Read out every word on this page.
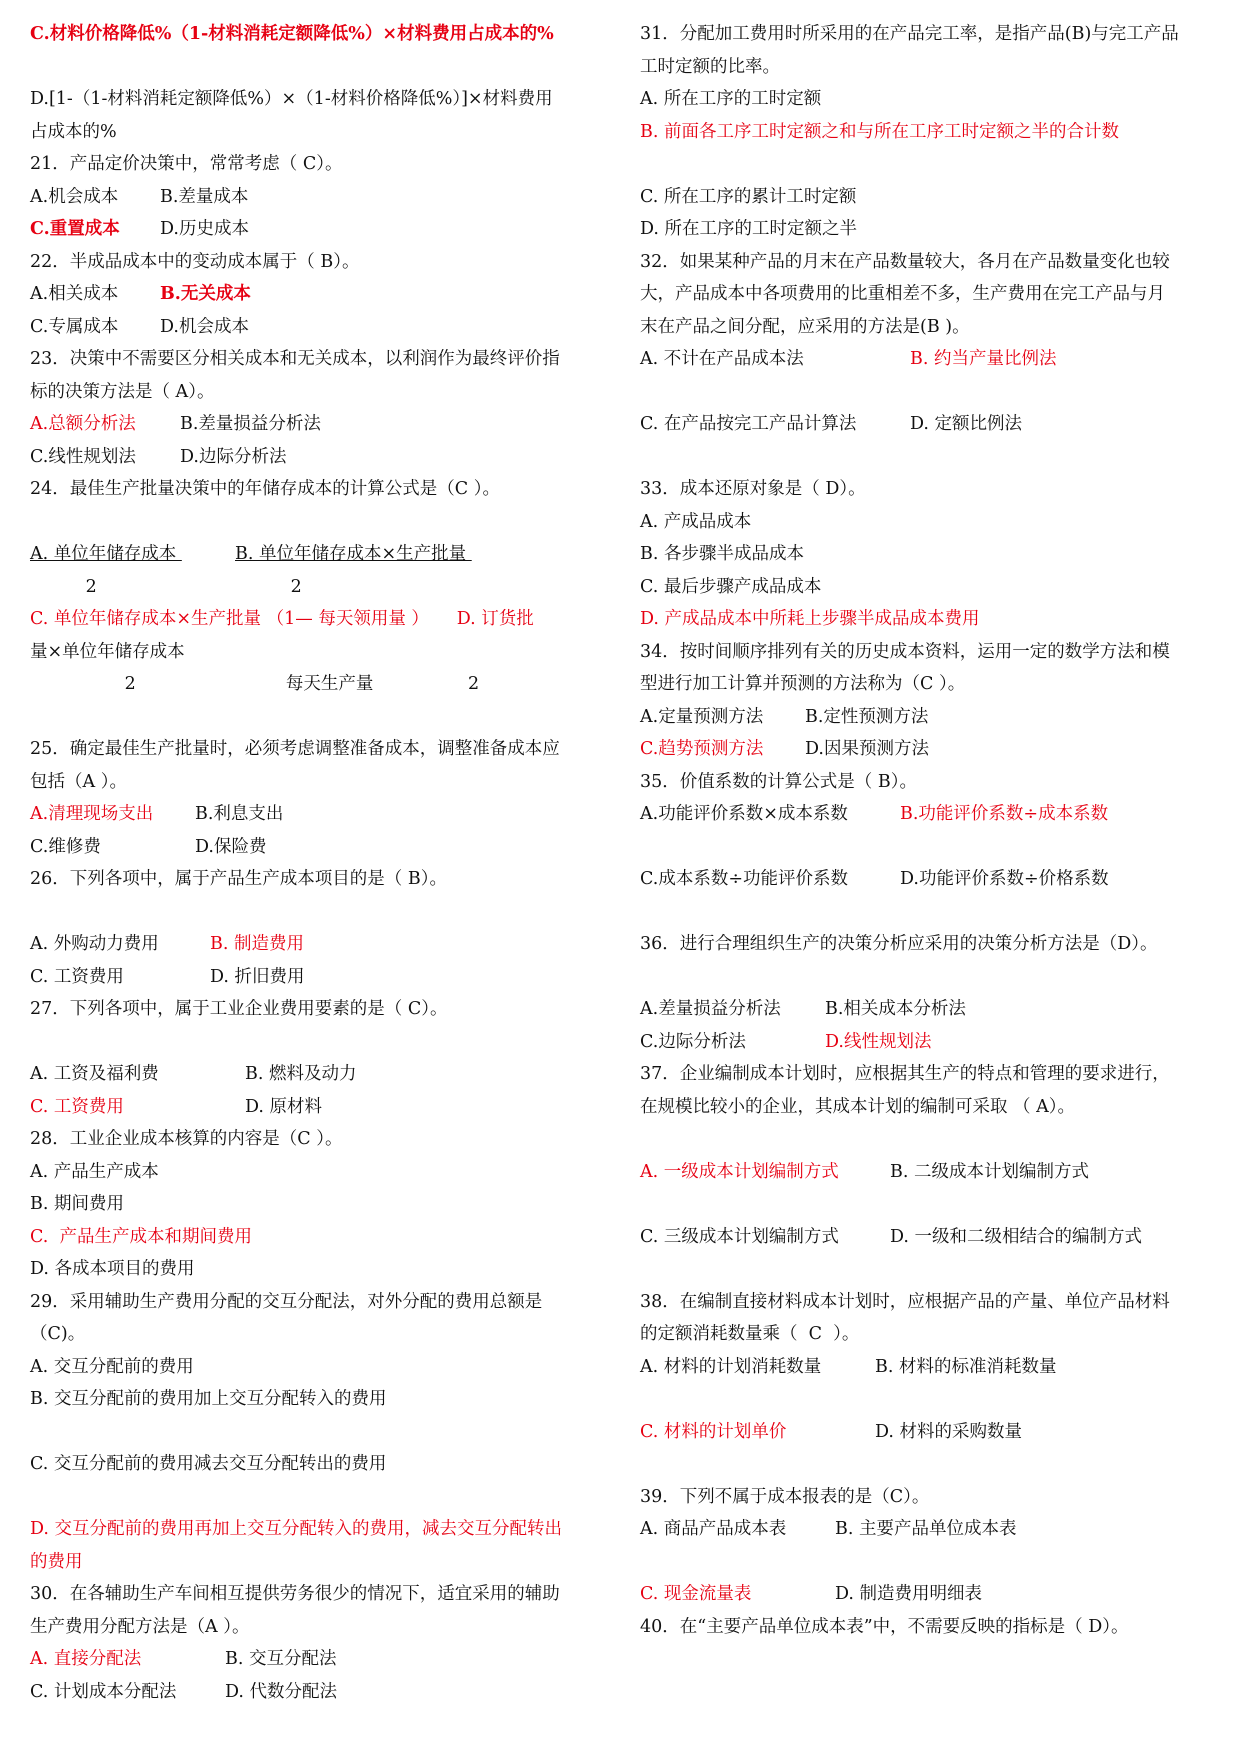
C.材料价格降低%（1-材料消耗定额降低%）×材料费用占成本的%
D.[1-（1-材料消耗定额降低%）×（1-材料价格降低%）]×材料费用
占成本的%
21．产品定价决策中，常常考虑（ C）。
A.机会成本 B.差量成本
C.重置成本 D.历史成本
22．半成品成本中的变动成本属于（ B）。
A.相关成本 B.无关成本
C.专属成本 D.机会成本
23．决策中不需要区分相关成本和无关成本，以利润作为最终评价指
标的决策方法是（ A）。
A.总额分析法	B.差量损益分析法
C.线性规划法	D.边际分析法
24．最佳生产批量决策中的年储存成本的计算公式是（C ）。
A. 单位年储存成本	B. 单位年储存成本×生产批量
2	2
C. 单位年储存成本×生产批量 （1— 每天领用量 ）     D. 订货批
量×单位年储存成本
2                           每天生产量                 2
25．确定最佳生产批量时，必须考虑调整准备成本，调整准备成本应
包括（A ）。
A.清理现场支出 B.利息支出
C.维修费	D.保险费
26．下列各项中，属于产品生产成本项目的是（ B）。
A. 外购动力费用	B. 制造费用
C. 工资费用	D. 折旧费用
27．下列各项中，属于工业企业费用要素的是（ C）。
A. 工资及福利费	B. 燃料及动力
C. 工资费用	D. 原材料
28．工业企业成本核算的内容是（C ）。
A. 产品生产成本
B. 期间费用
C.  产品生产成本和期间费用
D. 各成本项目的费用
29．采用辅助生产费用分配的交互分配法，对外分配的费用总额是
（C)。
A. 交互分配前的费用
B. 交互分配前的费用加上交互分配转入的费用
C. 交互分配前的费用减去交互分配转出的费用
D. 交互分配前的费用再加上交互分配转入的费用，减去交互分配转出
的费用
30．在各辅助生产车间相互提供劳务很少的情况下，适宜采用的辅助
生产费用分配方法是（A ）。
A. 直接分配法	B. 交互分配法
C. 计划成本分配法	D. 代数分配法
31．分配加工费用时所采用的在产品完工率，是指产品(B)与完工产品
工时定额的比率。
A. 所在工序的工时定额
B. 前面各工序工时定额之和与所在工序工时定额之半的合计数
C. 所在工序的累计工时定额
D. 所在工序的工时定额之半
32．如果某种产品的月末在产品数量较大，各月在产品数量变化也较
大，产品成本中各项费用的比重相差不多，生产费用在完工产品与月
末在产品之间分配，应采用的方法是(B )。
A. 不计在产品成本法	B. 约当产量比例法
C. 在产品按完工产品计算法	D. 定额比例法
33．成本还原对象是（ D）。
A. 产成品成本
B. 各步骤半成品成本
C. 最后步骤产成品成本
D. 产成品成本中所耗上步骤半成品成本费用
34．按时间顺序排列有关的历史成本资料，运用一定的数学方法和模
型进行加工计算并预测的方法称为（C ）。
A.定量预测方法 B.定性预测方法
C.趋势预测方法 D.因果预测方法
35．价值系数的计算公式是（ B）。
A.功能评价系数×成本系数	B.功能评价系数÷成本系数
C.成本系数÷功能评价系数	D.功能评价系数÷价格系数
36．进行合理组织生产的决策分析应采用的决策分析方法是（D）。
A.差量损益分析法	B.相关成本分析法
C.边际分析法	D.线性规划法
37．企业编制成本计划时，应根据其生产的特点和管理的要求进行，
在规模比较小的企业，其成本计划的编制可采取 （ A）。
A. 一级成本计划编制方式	B. 二级成本计划编制方式
C. 三级成本计划编制方式	D. 一级和二级相结合的编制方式
38．在编制直接材料成本计划时，应根据产品的产量、单位产品材料
的定额消耗数量乘（  C  ）。
A. 材料的计划消耗数量	B. 材料的标准消耗数量
C. 材料的计划单价	D. 材料的采购数量
39．下列不属于成本报表的是（C）。
A. 商品产品成本表	B. 主要产品单位成本表
C. 现金流量表	D. 制造费用明细表
40．在“主要产品单位成本表”中，不需要反映的指标是（ D）。
